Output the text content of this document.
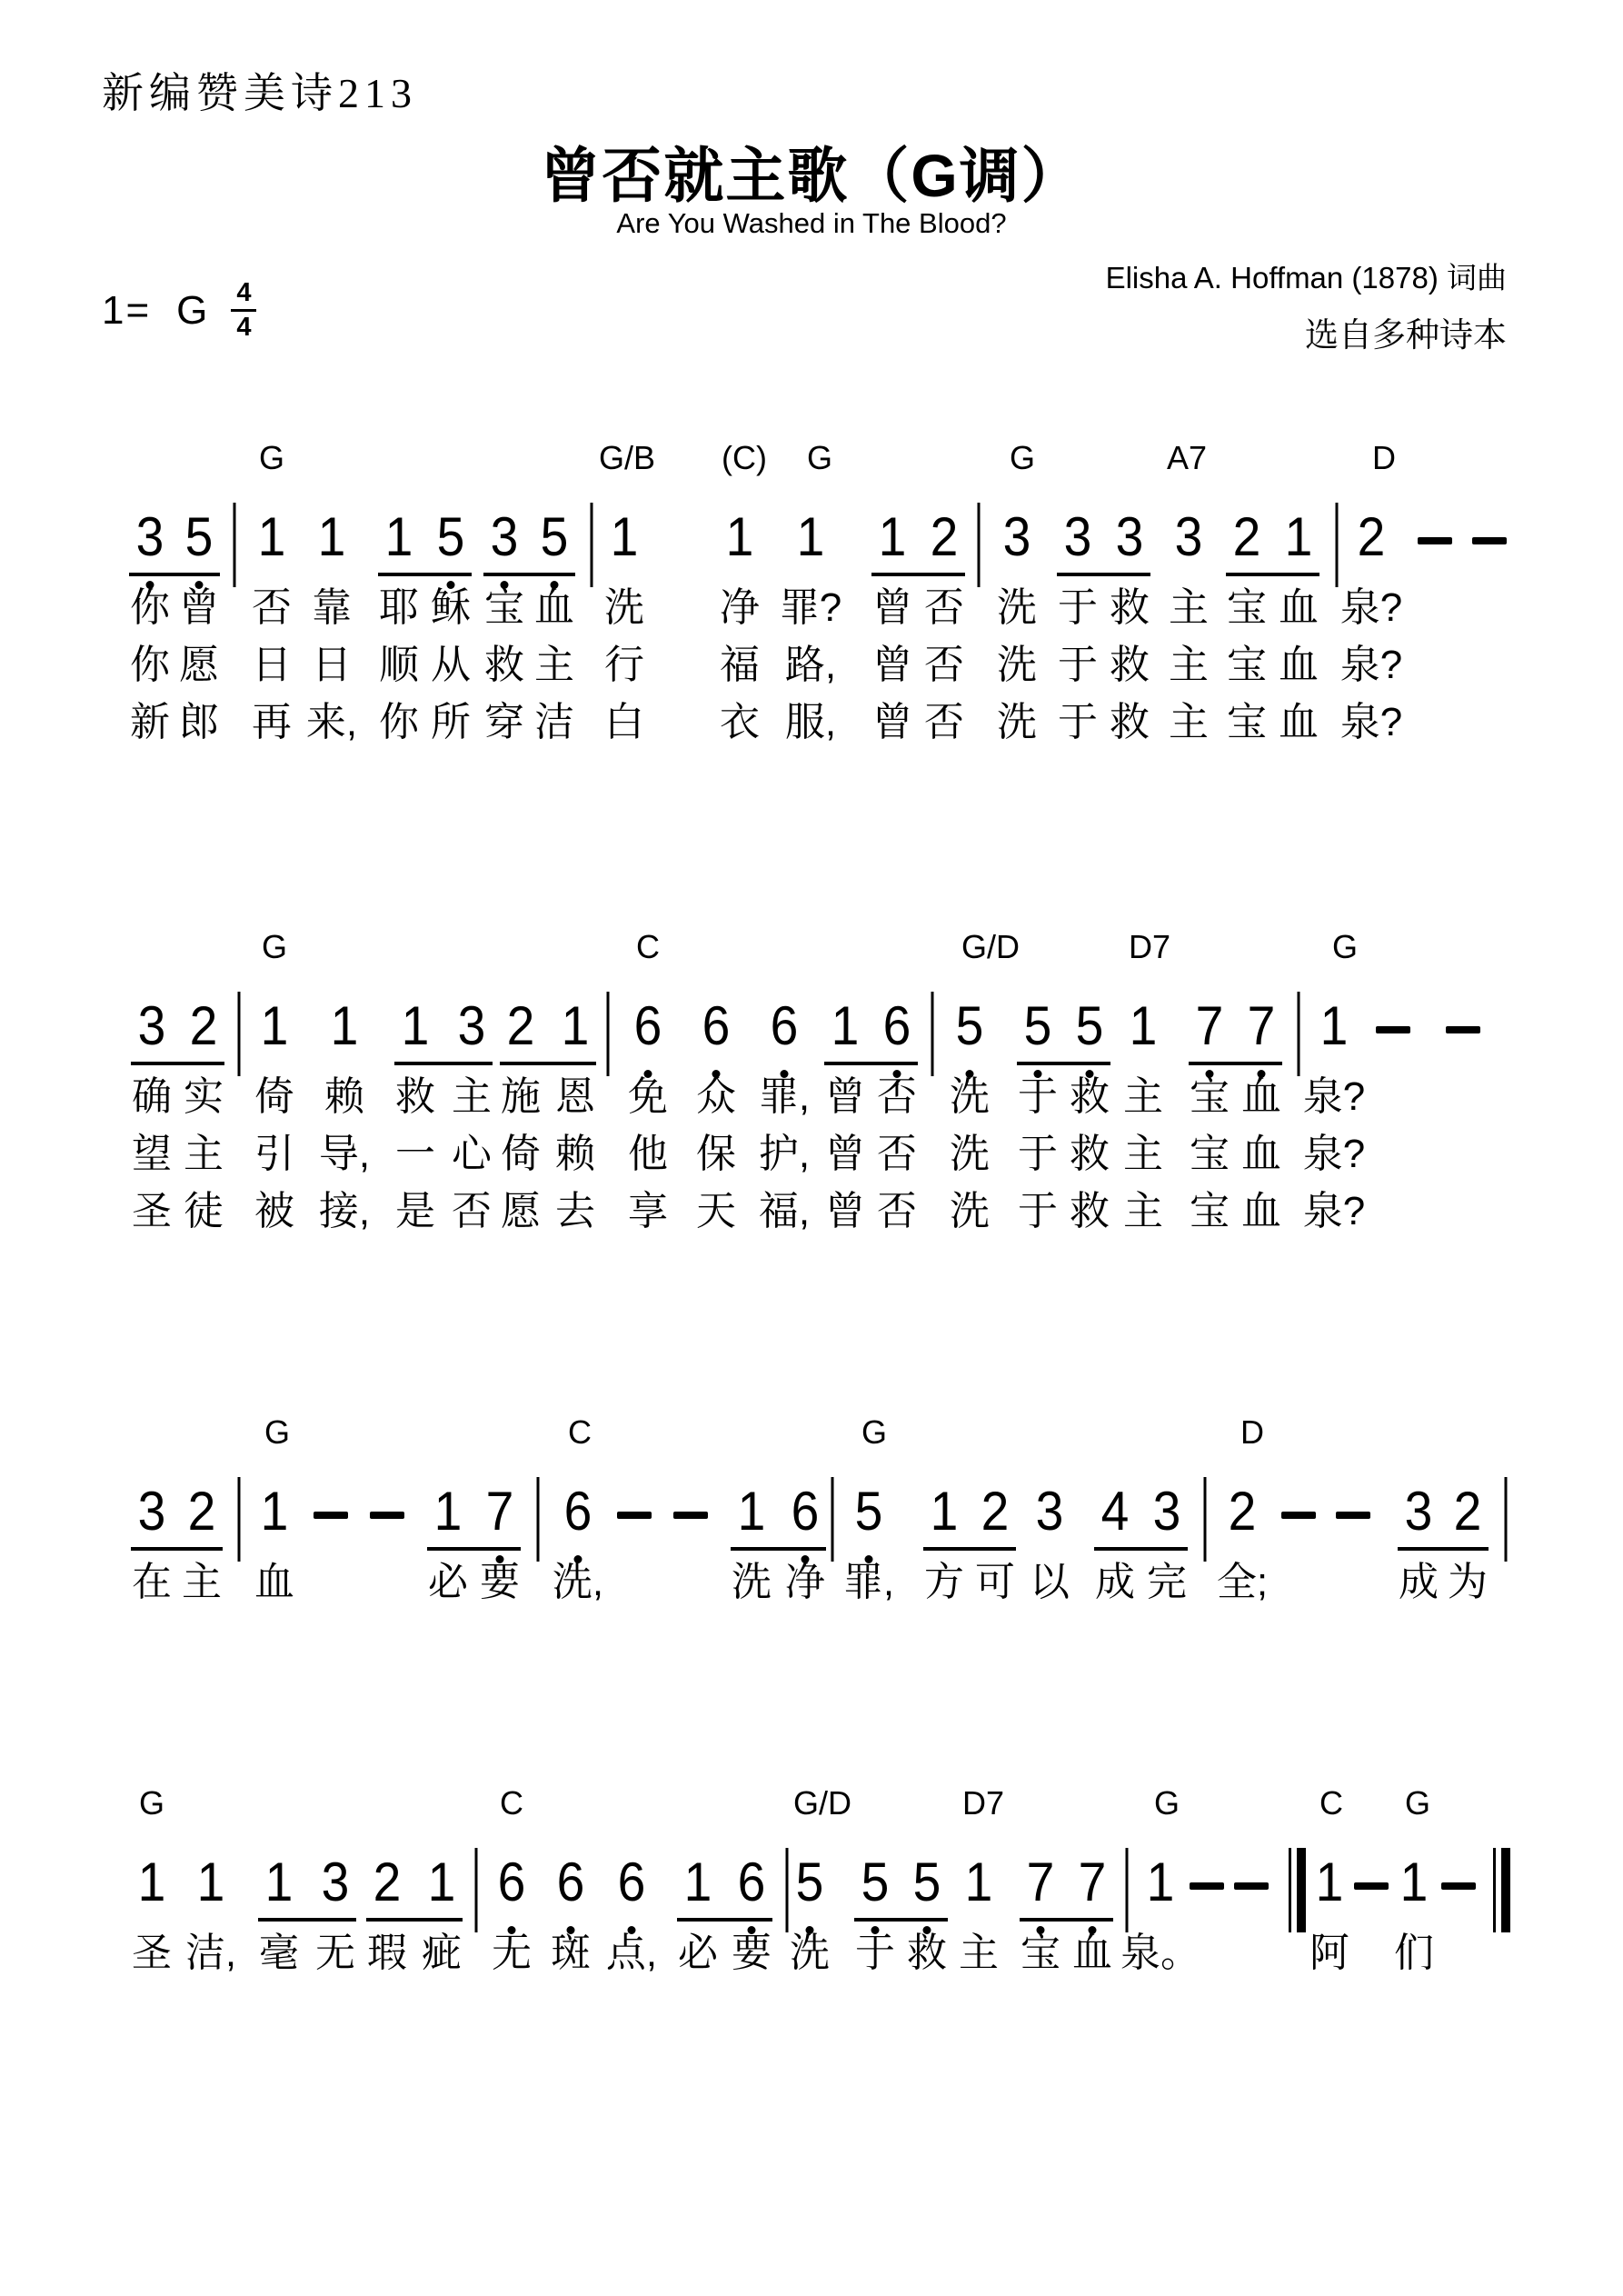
新编赞美诗213
曾否就主歌（G调）
Are You Washed in The Blood?
Elisha A. Hoffman (1878) 词曲
选自多种诗本
1= G $\frac{4}{4}$
G	G/B (C) G	G	A7	D
3 5 1 1 1 5 3 5 1 1 1 1 2 3 3 3 3 2 1 2
你 曾 否 靠 耶 稣 宝 血 洗 净 罪? 曾 否 洗 于 救 主 宝 血 泉?
你 愿 日 日 顺 从 救 主 行 福 路, 曾 否 洗 于 救 主 宝 血 泉?
新 郎 再 来, 你 所 穿 洁 白 衣 服, 曾 否 洗 于 救 主 宝 血 泉?
G	C	G/D	D7	G
3 2 1 1 1 3 2 1 6 6 6 1 6 5 5 5 1 7 7 1
确 实 倚 赖 救 主 施 恩 免 众 罪, 曾 否 洗 于 救 主 宝 血 泉?
望 主 引 导, 一 心 倚 赖 他 保 护, 曾 否 洗 于 救 主 宝 血 泉?
圣 徒 被 接, 是 否 愿 去 享 天 福, 曾 否 洗 于 救 主 宝 血 泉?
G	C	G	D
3 2 1	1 7 6	1 6 5 1 2 3 4 3 2	3 2
在 主 血	必 要 洗,	洗 净 罪, 方 可 以 成 完 全;	成 为
G	C	G/D	D7	G	C G
1 1 1 3 2 1 6 6 6 1 6 5 5 5 1 7 7 1	1 1
圣 洁, 毫 无 瑕 疵 无 斑 点, 必 要 洗 于 救 主 宝 血 泉。	阿 们
